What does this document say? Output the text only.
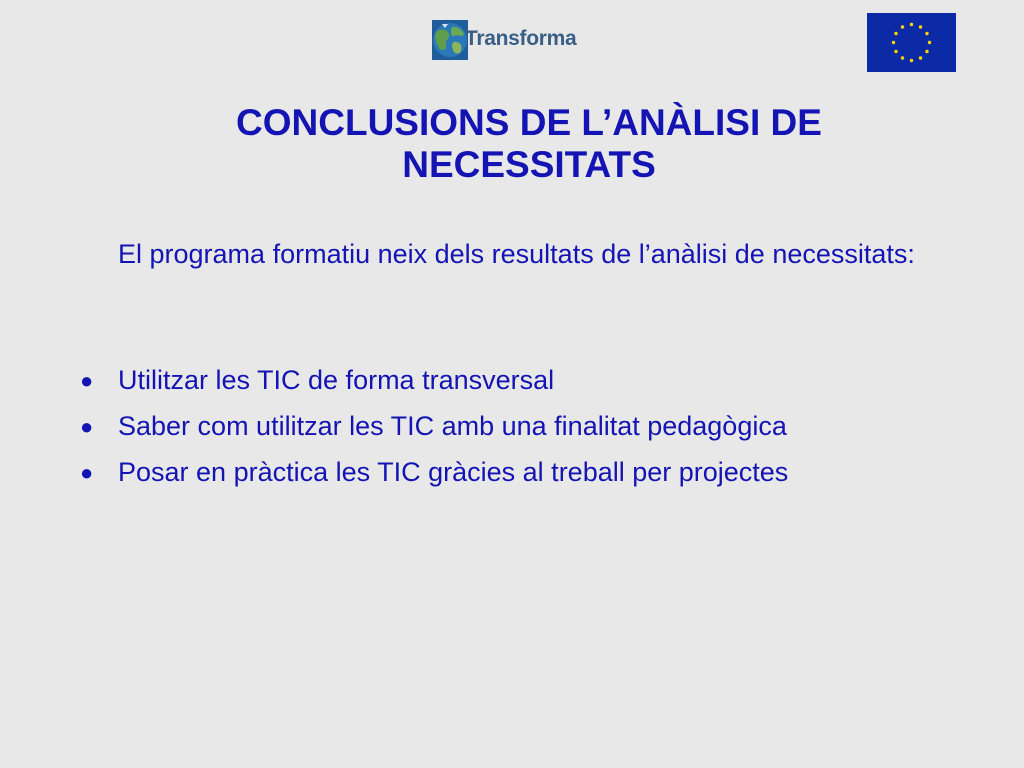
Transforma
CONCLUSIONS DE L’ANÀLISI DE
NECESSITATS

El programa formatiu neix dels resultats de l’anàlisi de necessitats:

● Utilitzar les TIC de forma transversal
● Saber com utilitzar les TIC amb una finalitat pedagògica
● Posar en pràctica les TIC gràcies al treball per projectes
